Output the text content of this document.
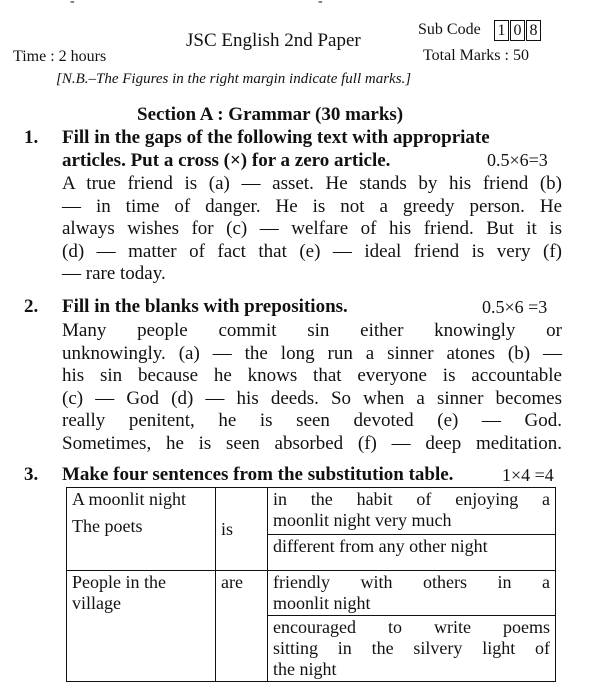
-	-
JSC English 2nd Paper
Sub Code 1 0 8
Time : 2 hours	Total Marks : 50
[N.B.–The Figures in the right margin indicate full marks.]
Section A : Grammar (30 marks)
1. Fill in the gaps of the following text with appropriate
articles. Put a cross (×) for a zero article.	0.5×6=3
A true friend is (a) — asset. He stands by his friend (b)
— in time of danger. He is not a greedy person. He
always wishes for (c) — welfare of his friend. But it is
(d) — matter of fact that (e) — ideal friend is very (f)
— rare today.
2. Fill in the blanks with prepositions.	0.5×6 =3
Many people commit sin either knowingly or
unknowingly. (a) — the long run a sinner atones (b) —
his sin because he knows that everyone is accountable
(c) — God (d) — his deeds. So when a sinner becomes
really penitent, he is seen devoted (e) — God.
Sometimes, he is seen absorbed (f) — deep meditation.
3. Make four sentences from the substitution table.	1×4 =4
A moonlit night
The poets	is	in the habit of enjoying a
moonlit night very much

		different from any other night

People in the
village	are	friendly with others in a
moonlit night

		encouraged to write poems
sitting in the silvery light of
the night
